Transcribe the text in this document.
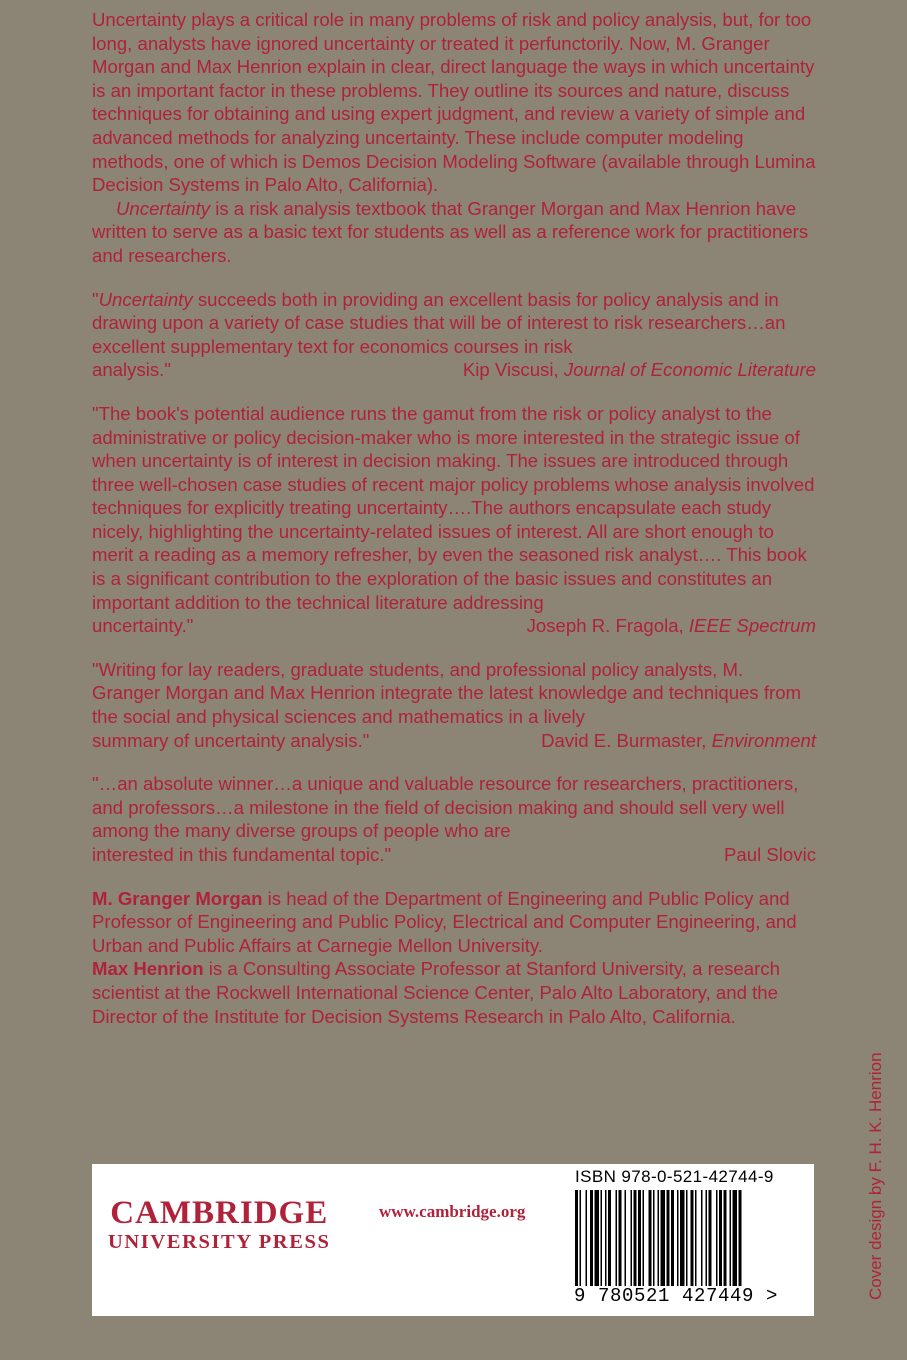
Uncertainty plays a critical role in many problems of risk and policy analysis, but, for too long, analysts have ignored uncertainty or treated it perfunctorily. Now, M. Granger Morgan and Max Henrion explain in clear, direct language the ways in which uncertainty is an important factor in these problems. They outline its sources and nature, discuss techniques for obtaining and using expert judgment, and review a variety of simple and advanced methods for analyzing uncertainty. These include computer modeling methods, one of which is Demos Decision Modeling Software (available through Lumina Decision Systems in Palo Alto, California).

Uncertainty is a risk analysis textbook that Granger Morgan and Max Henrion have written to serve as a basic text for students as well as a reference work for practitioners and researchers.

"Uncertainty succeeds both in providing an excellent basis for policy analysis and in drawing upon a variety of case studies that will be of interest to risk researchers…an excellent supplementary text for economics courses in risk
analysis."	Kip Viscusi, Journal of Economic Literature
"The book's potential audience runs the gamut from the risk or policy analyst to the administrative or policy decision-maker who is more interested in the strategic issue of when uncertainty is of interest in decision making. The issues are introduced through three well-chosen case studies of recent major policy problems whose analysis involved techniques for explicitly treating uncertainty….The authors encapsulate each study nicely, highlighting the uncertainty-related issues of interest. All are short enough to merit a reading as a memory refresher, by even the seasoned risk analyst…. This book is a significant contribution to the exploration of the basic issues and constitutes an important addition to the technical literature addressing
uncertainty."	Joseph R. Fragola, IEEE Spectrum
"Writing for lay readers, graduate students, and professional policy analysts, M. Granger Morgan and Max Henrion integrate the latest knowledge and techniques from the social and physical sciences and mathematics in a lively
summary of uncertainty analysis."	David E. Burmaster, Environment
"…an absolute winner…a unique and valuable resource for researchers, practitioners, and professors…a milestone in the field of decision making and should sell very well among the many diverse groups of people who are
interested in this fundamental topic."	Paul Slovic

M. Granger Morgan is head of the Department of Engineering and Public Policy and Professor of Engineering and Public Policy, Electrical and Computer Engineering, and Urban and Public Affairs at Carnegie Mellon University.

Max Henrion is a Consulting Associate Professor at Stanford University, a research scientist at the Rockwell International Science Center, Palo Alto Laboratory, and the Director of the Institute for Decision Systems Research in Palo Alto, California.

CAMBRIDGE
UNIVERSITY PRESS
www.cambridge.org
ISBN 978-0-521-42744-9
9 780521 427449 >	Cover design by F. H. K. Henrion
